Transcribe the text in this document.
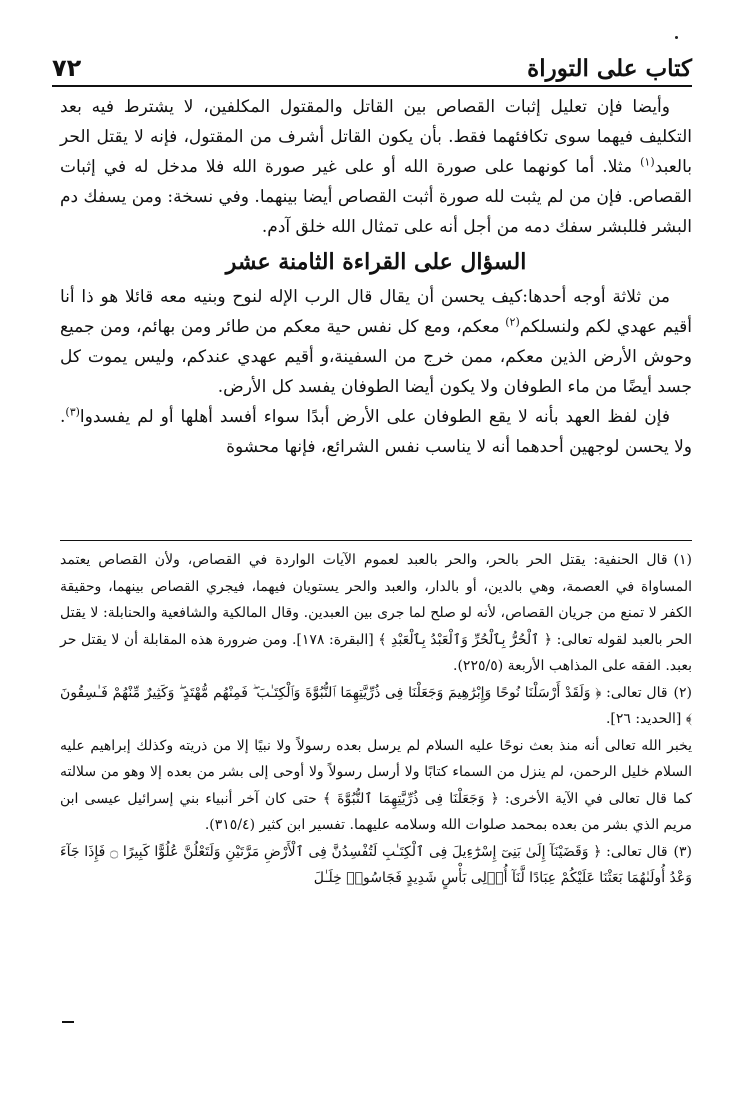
كتاب على التوراة
٧٢

وأيضا فإن تعليل إثبات القصاص بين القاتل والمقتول المكلفين، لا يشترط فيه بعد التكليف فيهما سوى تكافئهما فقط. بأن يكون القاتل أشرف من المقتول، فإنه لا يقتل الحر بالعبد$^{(١)}$ مثلا. أما كونهما على صورة الله أو على غير صورة الله فلا مدخل له في إثبات القصاص. فإن من لم يثبت لله صورة أثبت القصاص أيضا بينهما. وفي نسخة: ومن يسفك دم البشر فللبشر سفك دمه من أجل أنه على تمثال الله خلق آدم.

السؤال على القراءة الثامنة عشر

من ثلاثة أوجه أحدها:كيف يحسن أن يقال قال الرب الإله لنوح وبنيه معه قائلا هو ذا أنا أقيم عهدي لكم ولنسلكم$^{(٢)}$ معكم، ومع كل نفس حية معكم من طائر ومن بهائم، ومن جميع وحوش الأرض الذين معكم، ممن خرج من السفينة،و أقيم عهدي عندكم، وليس يموت كل جسد أيضًا من ماء الطوفان ولا يكون أيضا الطوفان يفسد كل الأرض.

فإن لفظ العهد بأنه لا يقع الطوفان على الأرض أبدًا سواء أفسد أهلها أو لم يفسدوا$^{(٣)}$. ولا يحسن لوجهين أحدهما أنه لا يناسب نفس الشرائع، فإنها محشوة

(١)قال الحنفية: يقتل الحر بالحر، والحر بالعبد لعموم الآيات الواردة في القصاص، ولأن القصاص يعتمد المساواة في العصمة، وهي بالدين، أو بالدار، والعبد والحر يستويان فيهما، فيجري القصاص بينهما، وحقيقة الكفر لا تمنع من جريان القصاص، لأنه لو صلح لما جرى بين العبدين. وقال المالكية والشافعية والحنابلة: لا يقتل الحر بالعبد لقوله تعالى: ﴿ ٱلْحُرُّ بِٱلْحُرِّ وَٱلْعَبْدُ بِٱلْعَبْدِ ﴾ [البقرة: ١٧٨]. ومن ضرورة هذه المقابلة أن لا يقتل حر بعبد. الفقه على المذاهب الأربعة (٢٢٥/٥).

(٢)قال تعالى: ﴿ وَلَقَدْ أَرْسَلْنَا نُوحًا وَإِبْرَٰهِيمَ وَجَعَلْنَا فِى ذُرِّيَّتِهِمَا ٱلنُّبُوَّةَ وَٱلْكِتَـٰبَ ۖ فَمِنْهُم مُّهْتَدٍ ۖ وَكَثِيرٌ مِّنْهُمْ فَـٰسِقُونَ ﴾ [الحديد: ٢٦].

يخبر الله تعالى أنه منذ بعث نوحًا عليه السلام لم يرسل بعده رسولاً ولا نبيًا إلا من ذريته وكذلك إبراهيم عليه السلام خليل الرحمن، لم ينزل من السماء كتابًا ولا أرسل رسولاً ولا أوحى إلى بشر من بعده إلا وهو من سلالته كما قال تعالى في الآية الأخرى: ﴿ وَجَعَلْنَا فِى ذُرِّيَّتِهِمَا ٱلنُّبُوَّةَ ﴾ حتى كان آخر أنبياء بني إسرائيل عيسى ابن مريم الذي بشر من بعده بمحمد صلوات الله وسلامه عليهما. تفسير ابن كثير (٣١٥/٤).

(٣)قال تعالى: ﴿ وَقَضَيْنَآ إِلَىٰ بَنِىٓ إِسْرَٰٓءِيلَ فِى ٱلْكِتَـٰبِ لَتُفْسِدُنَّ فِى ٱلْأَرْضِ مَرَّتَيْنِ وَلَتَعْلُنَّ عُلُوًّا كَبِيرًا ۝ فَإِذَا جَآءَ وَعْدُ أُولَىٰهُمَا بَعَثْنَا عَلَيْكُمْ عِبَادًا لَّنَآ أُو۟لِى بَأْسٍ شَدِيدٍ فَجَاسُوا۟ خِلَـٰلَ
